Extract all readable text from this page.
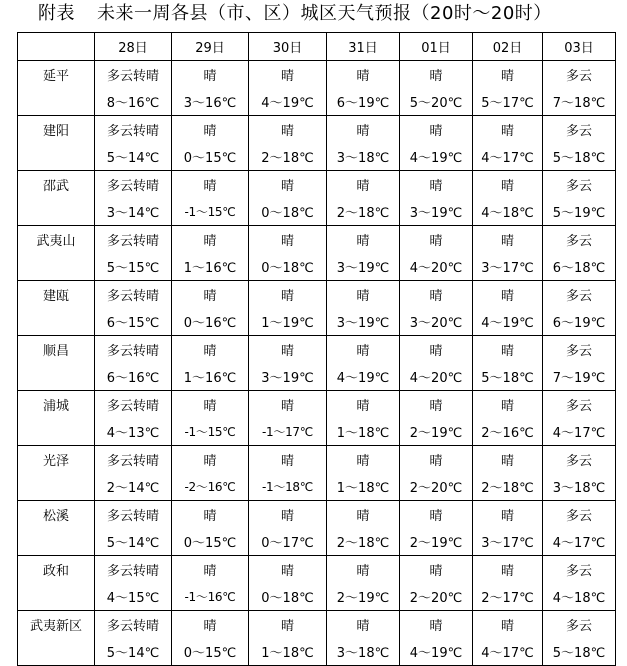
附表 未来一周各县（市、区）城区天气预报（20时～20时）
	28日	29日	30日	31日	01日	02日	03日
延平	多云转晴	晴	晴	晴	晴	晴	多云
	8～16℃	3～16℃	4～19℃	6～19℃	5～20℃	5～17℃	7～18℃
建阳	多云转晴	晴	晴	晴	晴	晴	多云
	5～14℃	0～15℃	2～18℃	3～18℃	4～19℃	4～17℃	5～18℃
邵武	多云转晴	晴	晴	晴	晴	晴	多云
	3～14℃	-1～15℃	0～18℃	2～18℃	3～19℃	4～18℃	5～19℃
武夷山	多云转晴	晴	晴	晴	晴	晴	多云
	5～15℃	1～16℃	0～18℃	3～19℃	4～20℃	3～17℃	6～18℃
建瓯	多云转晴	晴	晴	晴	晴	晴	多云
	6～15℃	0～16℃	1～19℃	3～19℃	3～20℃	4～19℃	6～19℃
顺昌	多云转晴	晴	晴	晴	晴	晴	多云
	6～16℃	1～16℃	3～19℃	4～19℃	4～20℃	5～18℃	7～19℃
浦城	多云转晴	晴	晴	晴	晴	晴	多云
	4～13℃	-1～15℃	-1～17℃	1～18℃	2～19℃	2～16℃	4～17℃
光泽	多云转晴	晴	晴	晴	晴	晴	多云
	2～14℃	-2～16℃	-1～18℃	1～18℃	2～20℃	2～18℃	3～18℃
松溪	多云转晴	晴	晴	晴	晴	晴	多云
	5～14℃	0～15℃	0～17℃	2～18℃	2～19℃	3～17℃	4～17℃
政和	多云转晴	晴	晴	晴	晴	晴	多云
	4～15℃	-1～16℃	0～18℃	2～19℃	2～20℃	2～17℃	4～18℃
武夷新区	多云转晴	晴	晴	晴	晴	晴	多云
	5～14℃	0～15℃	1～18℃	3～18℃	4～19℃	4～17℃	5～18℃
